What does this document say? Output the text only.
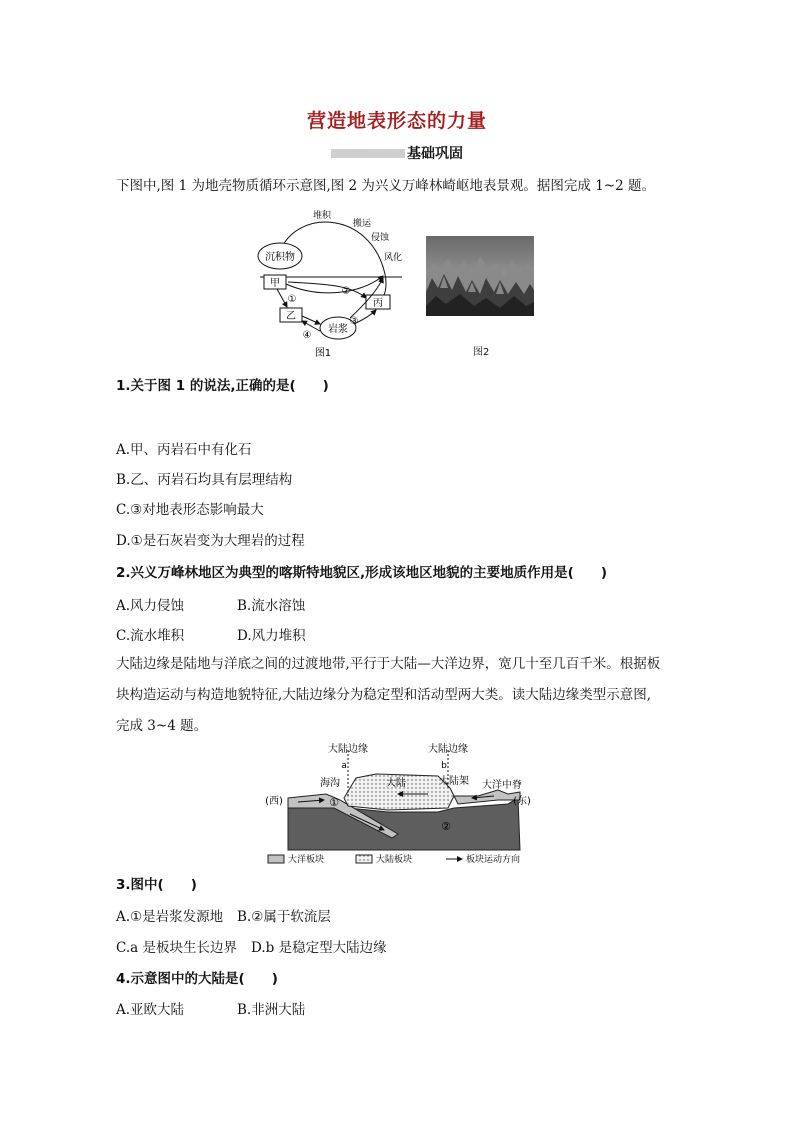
营造地表形态的力量
基础巩固
下图中,图 1 为地壳物质循环示意图,图 2 为兴义万峰林崎岖地表景观。据图完成 1~2 题。
沉积物
甲
乙
丙
岩浆
堆积
搬运
侵蚀
风化
①
②
③
④
图1	图2
1.关于图 1 的说法,正确的是(　　)
A.甲、丙岩石中有化石
B.乙、丙岩石均具有层理结构
C.③对地表形态影响最大
D.①是石灰岩变为大理岩的过程
2.兴义万峰林地区为典型的喀斯特地貌区,形成该地区地貌的主要地质作用是(　　)
A.风力侵蚀	B.流水溶蚀
C.流水堆积	D.风力堆积
大陆边缘是陆地与洋底之间的过渡地带,平行于大陆—大洋边界，宽几十至几百千米。根据板
块构造运动与构造地貌特征,大陆边缘分为稳定型和活动型两大类。读大陆边缘类型示意图,
完成 3~4 题。
大陆边缘	大陆边缘
a	b
海沟	大陆	大陆架 大洋中脊
(西)	(东)
①
②
大洋板块	大陆板块	板块运动方向
3.图中(　　)
A.①是岩浆发源地 B.②属于软流层
C.a 是板块生长边界 D.b 是稳定型大陆边缘
4.示意图中的大陆是(　　)
A.亚欧大陆	B.非洲大陆
